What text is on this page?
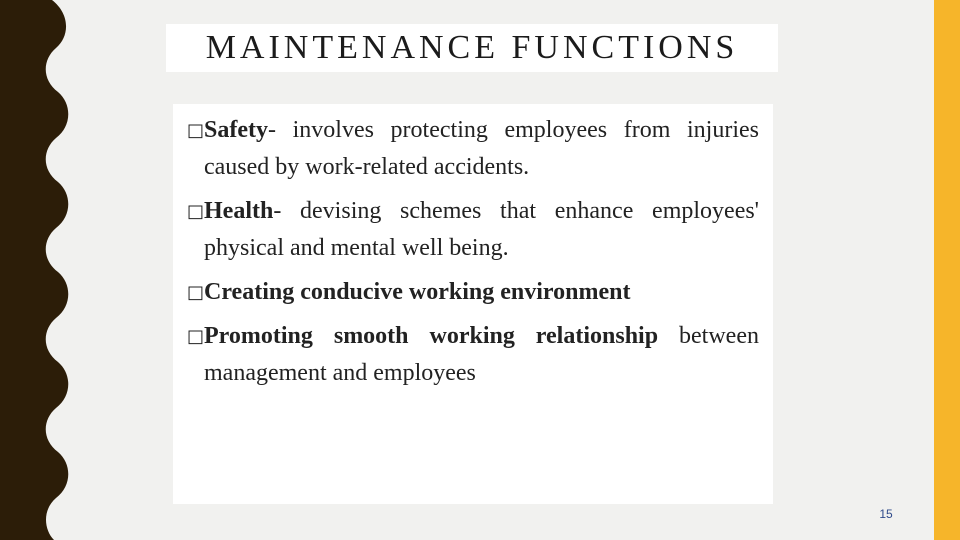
MAINTENANCE FUNCTIONS
□ Safety- involves protecting employees from injuries caused by work-related accidents.
□ Health- devising schemes that enhance employees' physical and mental well being.
□ Creating conducive working environment
□ Promoting smooth working relationship between management and employees
15
